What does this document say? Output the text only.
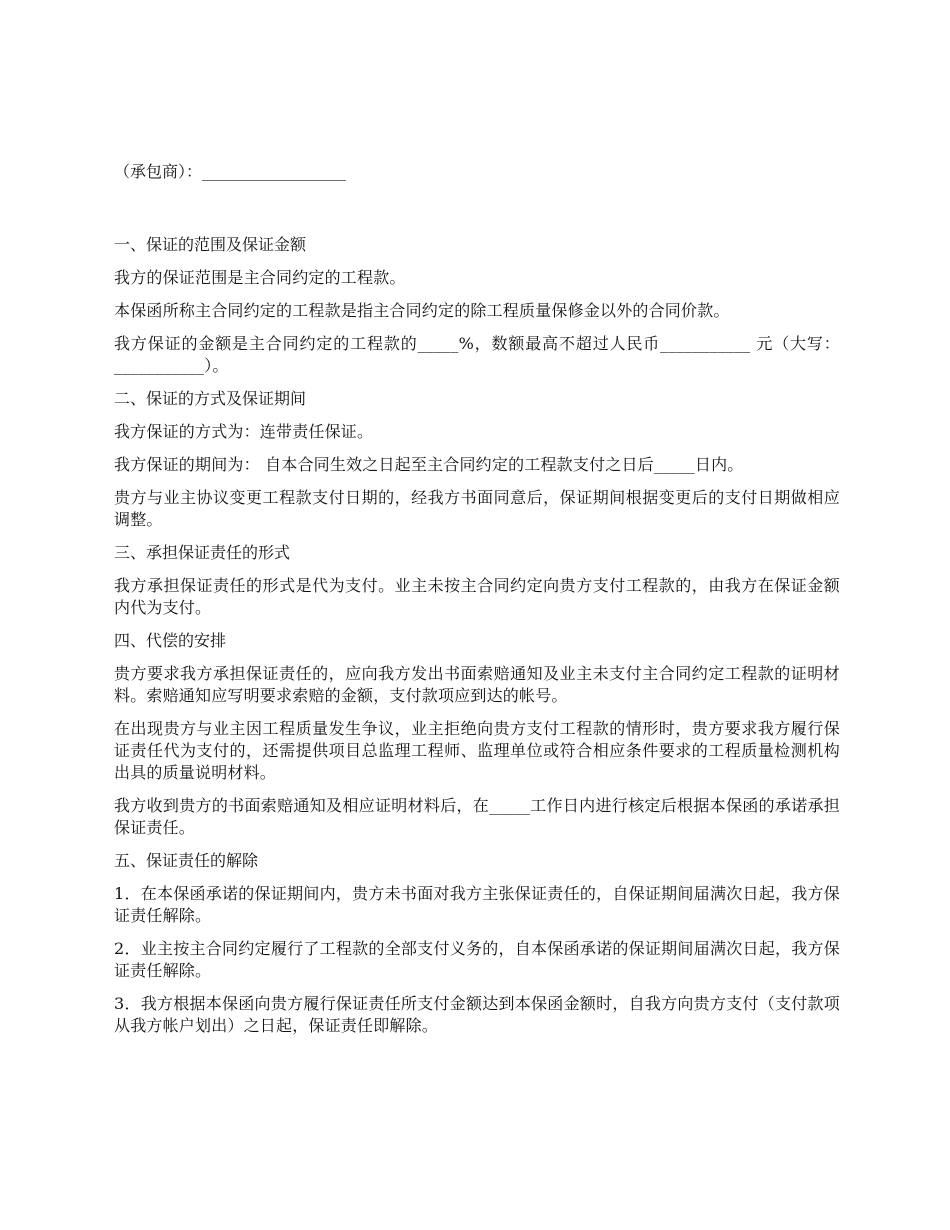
（承包商）：__________________
一、保证的范围及保证金额
我方的保证范围是主合同约定的工程款。
本保函所称主合同约定的工程款是指主合同约定的除工程质量保修金以外的合同价款。
我方保证的金额是主合同约定的工程款的_____%，数额最高不超过人民币___________ 元（大写：___________）。
二、保证的方式及保证期间
我方保证的方式为：连带责任保证。
我方保证的期间为： 自本合同生效之日起至主合同约定的工程款支付之日后_____日内。
贵方与业主协议变更工程款支付日期的，经我方书面同意后，保证期间根据变更后的支付日期做相应调整。
三、承担保证责任的形式
我方承担保证责任的形式是代为支付。业主未按主合同约定向贵方支付工程款的，由我方在保证金额内代为支付。
四、代偿的安排
贵方要求我方承担保证责任的，应向我方发出书面索赔通知及业主未支付主合同约定工程款的证明材料。索赔通知应写明要求索赔的金额，支付款项应到达的帐号。
在出现贵方与业主因工程质量发生争议，业主拒绝向贵方支付工程款的情形时，贵方要求我方履行保证责任代为支付的，还需提供项目总监理工程师、监理单位或符合相应条件要求的工程质量检测机构出具的质量说明材料。
我方收到贵方的书面索赔通知及相应证明材料后，在_____工作日内进行核定后根据本保函的承诺承担保证责任。
五、保证责任的解除
1．在本保函承诺的保证期间内，贵方未书面对我方主张保证责任的，自保证期间届满次日起，我方保证责任解除。
2．业主按主合同约定履行了工程款的全部支付义务的，自本保函承诺的保证期间届满次日起，我方保证责任解除。
3．我方根据本保函向贵方履行保证责任所支付金额达到本保函金额时，自我方向贵方支付（支付款项从我方帐户划出）之日起，保证责任即解除。
